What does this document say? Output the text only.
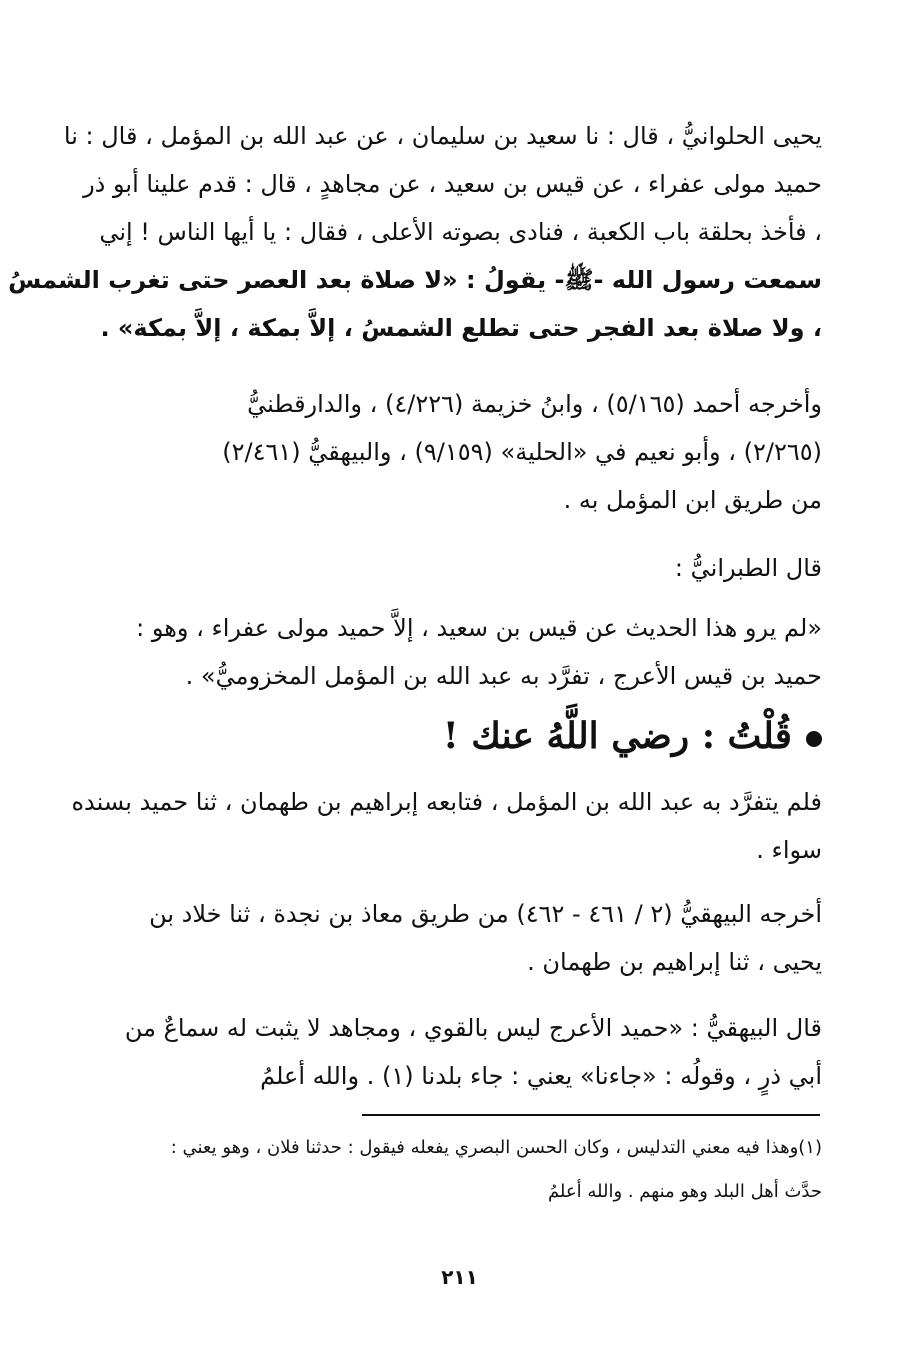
يحيى الحلوانيُّ ، قال : نا سعيد بن سليمان ، عن عبد الله بن المؤمل ، قال : نا
حميد مولى عفراء ، عن قيس بن سعيد ، عن مجاهدٍ ، قال : قدم علينا أبو ذر
، فأخذ بحلقة باب الكعبة ، فنادى بصوته الأعلى ، فقال : يا أيها الناس ! إني
سمعت رسول الله -ﷺ- يقولُ : «لا صلاة بعد العصر حتى تغرب الشمسُ
، ولا صلاة بعد الفجر حتى تطلع الشمسُ ، إلاَّ بمكة ، إلاَّ بمكة» .
وأخرجه أحمد (٥/١٦٥) ، وابنُ خزيمة (٤/٢٢٦) ، والدارقطنيُّ
(٢/٢٦٥) ، وأبو نعيم في «الحلية» (٩/١٥٩) ، والبيهقيُّ (٢/٤٦١)
من طريق ابن المؤمل به .
قال الطبرانيُّ :
«لم يرو هذا الحديث عن قيس بن سعيد ، إلاَّ حميد مولى عفراء ، وهو :
حميد بن قيس الأعرج ، تفرَّد به عبد الله بن المؤمل المخزوميُّ» .
قُلْتُ : رضي اللَّهُ عنك !
فلم يتفرَّد به عبد الله بن المؤمل ، فتابعه إبراهيم بن طهمان ، ثنا حميد بسنده
سواء .
أخرجه البيهقيُّ (٢ / ٤٦١ - ٤٦٢) من طريق معاذ بن نجدة ، ثنا خلاد بن
يحيى ، ثنا إبراهيم بن طهمان .
قال البيهقيُّ : «حميد الأعرج ليس بالقوي ، ومجاهد لا يثبت له سماعٌ من
أبي ذرٍ ، وقولُه : «جاءنا» يعني : جاء بلدنا (١) . والله أعلمُ
(١)وهذا فيه معني التدليس ، وكان الحسن البصري يفعله فيقول : حدثنا فلان ، وهو يعني :
حدَّث أهل البلد وهو منهم . والله أعلمُ
٢١١
